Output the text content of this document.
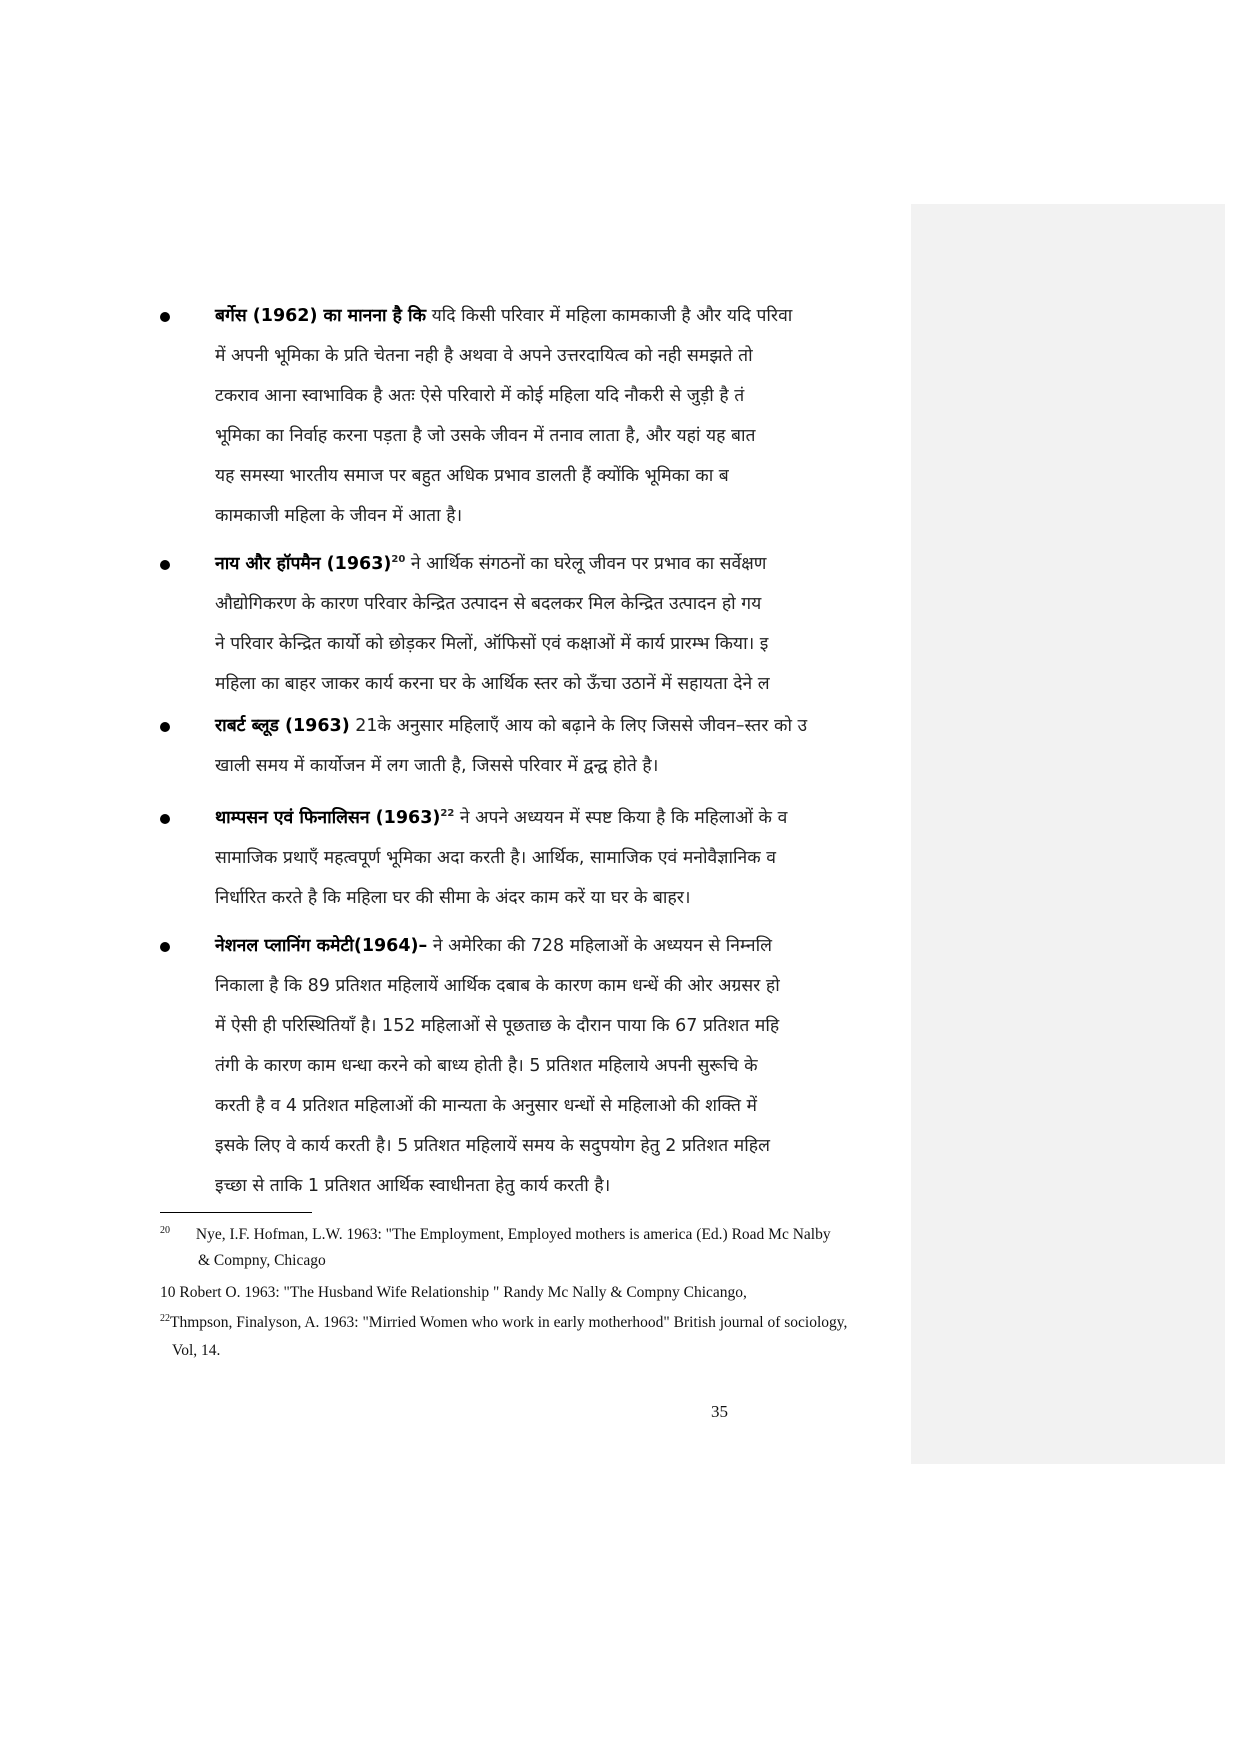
बर्गेस (1962) का मानना है कि यदि किसी परिवार में महिला कामकाजी है और यदि परिवा
में अपनी भूमिका के प्रति चेतना नही है अथवा वे अपने उत्तरदायित्व को नही समझते तो
टकराव आना स्वाभाविक है अतः ऐसे परिवारो में कोई महिला यदि नौकरी से जुड़ी है तं
भूमिका का निर्वाह करना पड़ता है जो उसके जीवन में तनाव लाता है, और यहां यह बात
यह समस्या भारतीय समाज पर बहुत अधिक प्रभाव डालती हैं क्योंकि भूमिका का ब
कामकाजी महिला के जीवन में आता है।
नाय और हॉपमैन $(1963)^{20}$ ने आर्थिक संगठनों का घरेलू जीवन पर प्रभाव का सर्वेक्षण
औद्योगिकरण के कारण परिवार केन्द्रित उत्पादन से बदलकर मिल केन्द्रित उत्पादन हो गय
ने परिवार केन्द्रित कार्यो को छोड़कर मिलों, ऑफिसों एवं कक्षाओं में कार्य प्रारम्भ किया। इ
महिला का बाहर जाकर कार्य करना घर के आर्थिक स्तर को ऊँचा उठानें में सहायता देने ल
राबर्ट ब्लूड (1963) 21के अनुसार महिलाएँ आय को बढ़ाने के लिए जिससे जीवन–स्तर को उ
खाली समय में कार्योजन में लग जाती है, जिससे परिवार में द्वन्द्व होते है।
थाम्पसन एवं फिनालिसन $(1963)^{22}$ ने अपने अध्ययन में स्पष्ट किया है कि महिलाओं के व
सामाजिक प्रथाएँ महत्वपूर्ण भूमिका अदा करती है। आर्थिक, सामाजिक एवं मनोवैज्ञानिक व
निर्धारित करते है कि महिला घर की सीमा के अंदर काम करें या घर के बाहर।
नेशनल प्लानिंग कमेटी(1964)– ने अमेरिका की 728 महिलाओं के अध्ययन से निम्नलि
निकाला है कि 89 प्रतिशत महिलायें आर्थिक दबाब के कारण काम धन्धें की ओर अग्रसर हो
में ऐसी ही परिस्थितियाँ है। 152 महिलाओं से पूछताछ के दौरान पाया कि 67 प्रतिशत महि
तंगी के कारण काम धन्धा करने को बाध्य होती है। 5 प्रतिशत महिलाये अपनी सुरूचि के
करती है व 4 प्रतिशत महिलाओं की मान्यता के अनुसार धन्धों से महिलाओ की शक्ति में
इसके लिए वे कार्य करती है। 5 प्रतिशत महिलायें समय के सदुपयोग हेतु 2 प्रतिशत महिल
इच्छा से ताकि 1 प्रतिशत आर्थिक स्वाधीनता हेतु कार्य करती है।
$^{20}$ Nye, I.F. Hofman, L.W. 1963: "The Employment, Employed mothers is america (Ed.) Road Mc Nalby
& Compny, Chicago
10 Robert O. 1963: "The Husband Wife Relationship " Randy Mc Nally & Compny Chicango,
$^{22}$Thmpson, Finalyson, A. 1963: "Mirried Women who work in early motherhood" British journal of sociology,
Vol, 14.
35
